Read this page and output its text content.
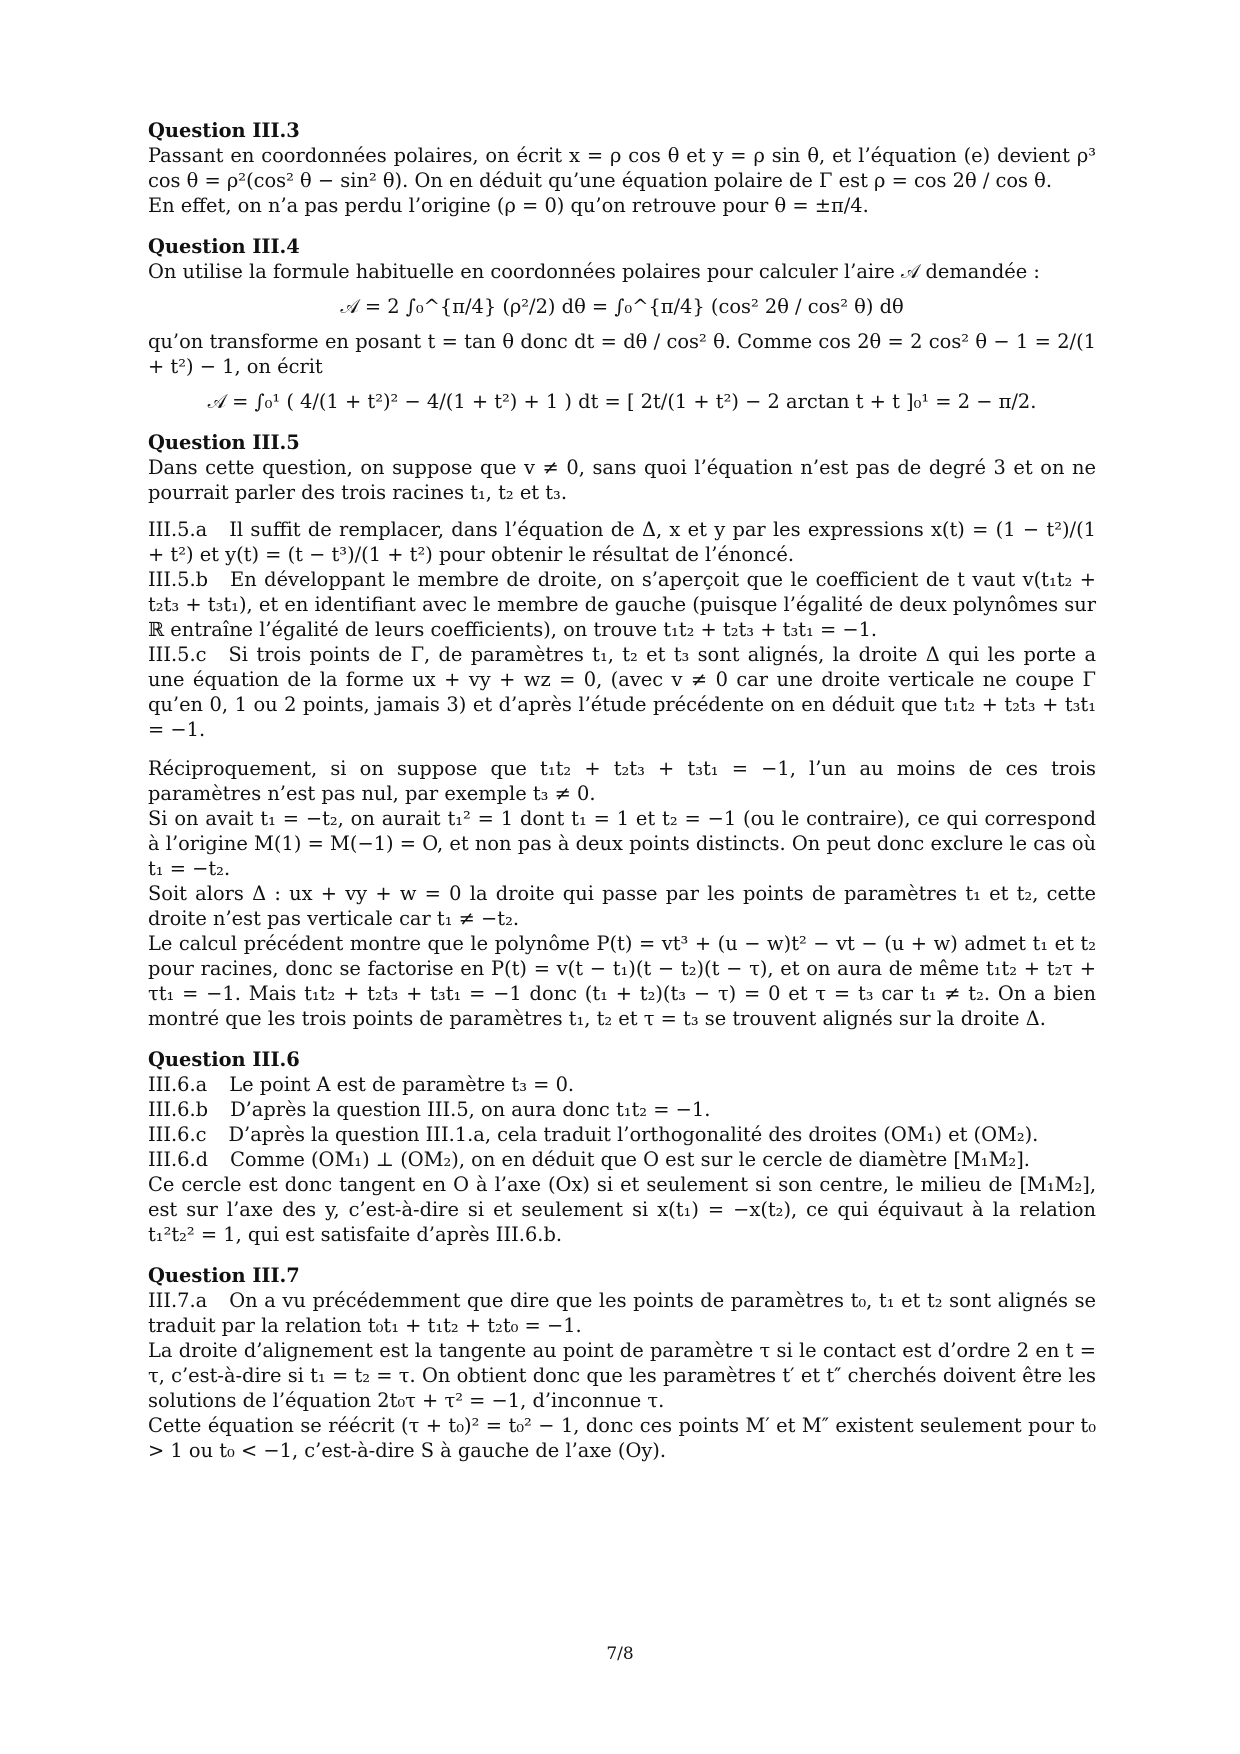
Question III.3

Passant en coordonnées polaires, on écrit x = ρ cos θ et y = ρ sin θ, et l’équation (e) devient ρ³ cos θ = ρ²(cos² θ − sin² θ). On en déduit qu’une équation polaire de Γ est ρ = cos 2θ / cos θ.

En effet, on n’a pas perdu l’origine (ρ = 0) qu’on retrouve pour θ = ±π/4.

Question III.4

On utilise la formule habituelle en coordonnées polaires pour calculer l’aire 𝒜 demandée :

𝒜 = 2 ∫₀^{π/4} (ρ²/2) dθ = ∫₀^{π/4} (cos² 2θ / cos² θ) dθ

qu’on transforme en posant t = tan θ donc dt = dθ / cos² θ. Comme cos 2θ = 2 cos² θ − 1 = 2/(1 + t²) − 1, on écrit

𝒜 = ∫₀¹ ( 4/(1 + t²)² − 4/(1 + t²) + 1 ) dt = [ 2t/(1 + t²) − 2 arctan t + t ]₀¹ = 2 − π/2.
Question III.5

Dans cette question, on suppose que v ≠ 0, sans quoi l’équation n’est pas de degré 3 et on ne pourrait parler des trois racines t₁, t₂ et t₃.

III.5.a Il suffit de remplacer, dans l’équation de Δ, x et y par les expressions x(t) = (1 − t²)/(1 + t²) et y(t) = (t − t³)/(1 + t²) pour obtenir le résultat de l’énoncé.

III.5.b En développant le membre de droite, on s’aperçoit que le coefficient de t vaut v(t₁t₂ + t₂t₃ + t₃t₁), et en identifiant avec le membre de gauche (puisque l’égalité de deux polynômes sur ℝ entraîne l’égalité de leurs coefficients), on trouve t₁t₂ + t₂t₃ + t₃t₁ = −1.

III.5.c Si trois points de Γ, de paramètres t₁, t₂ et t₃ sont alignés, la droite Δ qui les porte a une équation de la forme ux + vy + wz = 0, (avec v ≠ 0 car une droite verticale ne coupe Γ qu’en 0, 1 ou 2 points, jamais 3) et d’après l’étude précédente on en déduit que t₁t₂ + t₂t₃ + t₃t₁ = −1.

Réciproquement, si on suppose que t₁t₂ + t₂t₃ + t₃t₁ = −1, l’un au moins de ces trois paramètres n’est pas nul, par exemple t₃ ≠ 0.

Si on avait t₁ = −t₂, on aurait t₁² = 1 dont t₁ = 1 et t₂ = −1 (ou le contraire), ce qui correspond à l’origine M(1) = M(−1) = O, et non pas à deux points distincts. On peut donc exclure le cas où t₁ = −t₂.

Soit alors Δ : ux + vy + w = 0 la droite qui passe par les points de paramètres t₁ et t₂, cette droite n’est pas verticale car t₁ ≠ −t₂.

Le calcul précédent montre que le polynôme P(t) = vt³ + (u − w)t² − vt − (u + w) admet t₁ et t₂ pour racines, donc se factorise en P(t) = v(t − t₁)(t − t₂)(t − τ), et on aura de même t₁t₂ + t₂τ + τt₁ = −1. Mais t₁t₂ + t₂t₃ + t₃t₁ = −1 donc (t₁ + t₂)(t₃ − τ) = 0 et τ = t₃ car t₁ ≠ t₂. On a bien montré que les trois points de paramètres t₁, t₂ et τ = t₃ se trouvent alignés sur la droite Δ.

Question III.6

III.6.a Le point A est de paramètre t₃ = 0.

III.6.b D’après la question III.5, on aura donc t₁t₂ = −1.

III.6.c D’après la question III.1.a, cela traduit l’orthogonalité des droites (OM₁) et (OM₂).

III.6.d Comme (OM₁) ⊥ (OM₂), on en déduit que O est sur le cercle de diamètre [M₁M₂].

Ce cercle est donc tangent en O à l’axe (Ox) si et seulement si son centre, le milieu de [M₁M₂], est sur l’axe des y, c’est-à-dire si et seulement si x(t₁) = −x(t₂), ce qui équivaut à la relation t₁²t₂² = 1, qui est satisfaite d’après III.6.b.

Question III.7

III.7.a On a vu précédemment que dire que les points de paramètres t₀, t₁ et t₂ sont alignés se traduit par la relation t₀t₁ + t₁t₂ + t₂t₀ = −1.

La droite d’alignement est la tangente au point de paramètre τ si le contact est d’ordre 2 en t = τ, c’est-à-dire si t₁ = t₂ = τ. On obtient donc que les paramètres t′ et t″ cherchés doivent être les solutions de l’équation 2t₀τ + τ² = −1, d’inconnue τ.

Cette équation se réécrit (τ + t₀)² = t₀² − 1, donc ces points M′ et M″ existent seulement pour t₀ > 1 ou t₀ < −1, c’est-à-dire S à gauche de l’axe (Oy).

7/8
